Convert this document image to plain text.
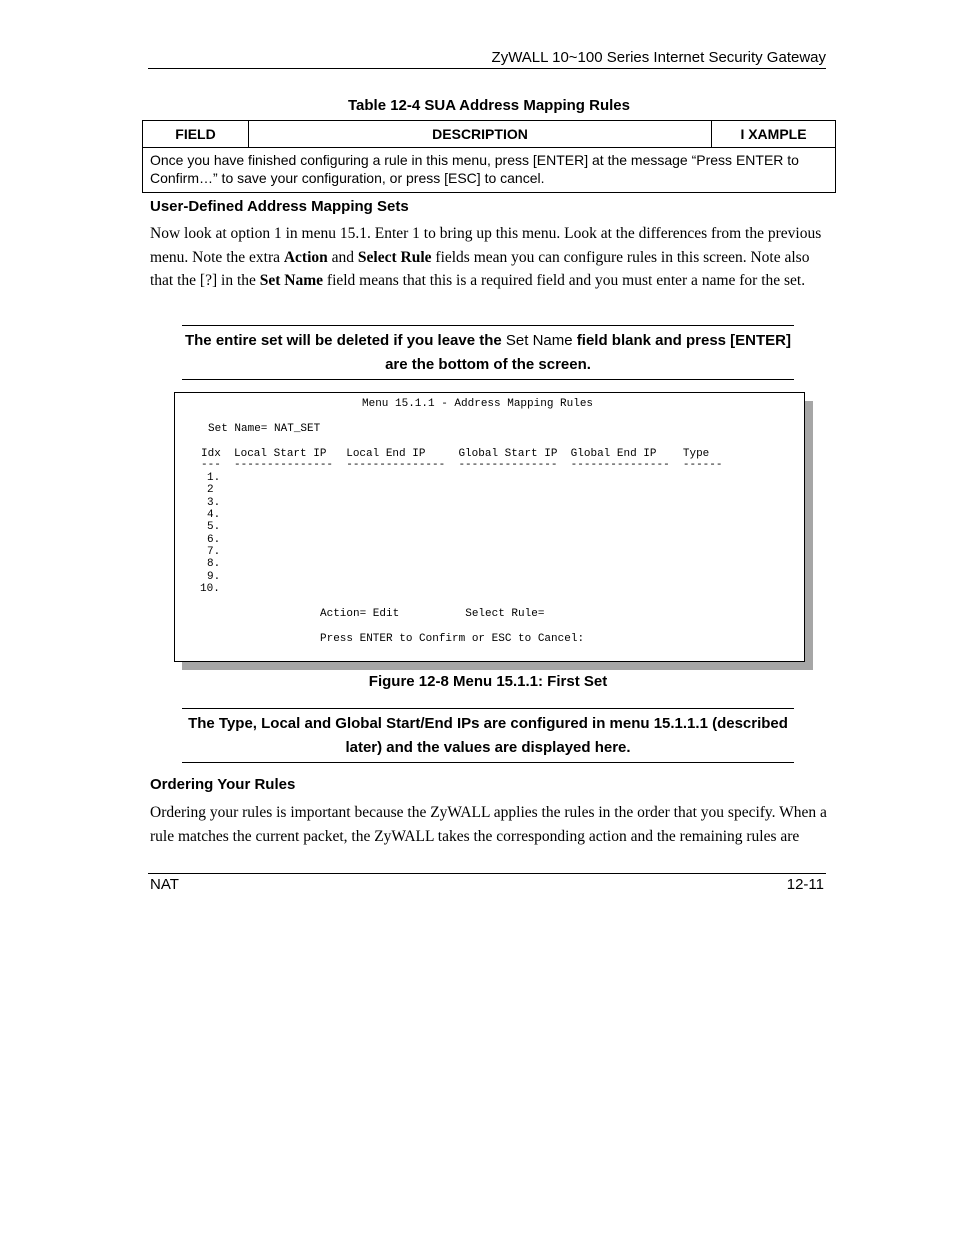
ZyWALL 10~100 Series Internet Security Gateway
Table 12-4 SUA Address Mapping Rules
FIELD	DESCRIPTION	I XAMPLE
Once you have finished configuring a rule in this menu, press [ENTER] at the message “Press ENTER to Confirm…” to save your configuration, or press [ESC] to cancel.
User-Defined Address Mapping Sets
Now look at option 1 in menu 15.1. Enter 1 to bring up this menu. Look at the differences from the previous menu. Note the extra Action and Select Rule fields mean you can configure rules in this screen. Note also that the [?] in the Set Name field means that this is a required field and you must enter a name for the set.
The entire set will be deleted if you leave the Set Name field blank and press [ENTER] are the bottom of the screen.
Menu 15.1.1 - Address Mapping Rules
Set Name= NAT_SET
Idx  Local Start IP   Local End IP     Global Start IP  Global End IP    Type
---  ---------------  ---------------  ---------------  ---------------  ------
1.
2
3.
4.
5.
6.
7.
8.
9.
10.
Action= Edit          Select Rule=
Press ENTER to Confirm or ESC to Cancel:
Figure 12-8 Menu 15.1.1: First Set
The Type, Local and Global Start/End IPs are configured in menu 15.1.1.1 (described later) and the values are displayed here.
Ordering Your Rules
Ordering your rules is important because the ZyWALL applies the rules in the order that you specify. When a rule matches the current packet, the ZyWALL takes the corresponding action and the remaining rules are
NAT	12-11
